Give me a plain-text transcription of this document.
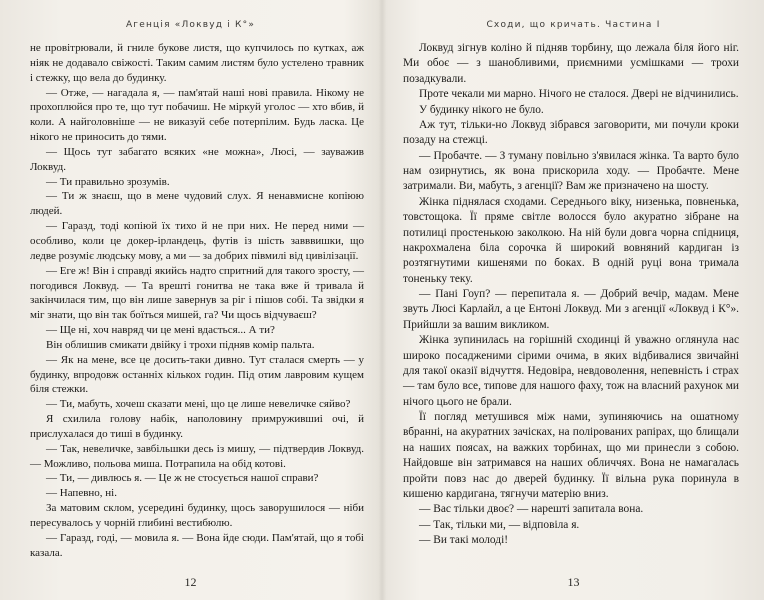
Агенція «Локвуд і К°»

не провітрювали, й гниле букове листя, що купчилось по кутках, аж ніяк не додавало свіжості. Таким самим листям було устелено травник і стежку, що вела до будинку.

— Отже, — нагадала я, — пам'ятай наші нові правила. Нікому не прохоплюйся про те, що тут побачиш. Не мiркуй уголос — хто вбив, й коли. А найголовніше — не виказуй себе потерпілим. Будь ласка. Це нікого не приносить до тями.

— Щось тут забагато всяких «не можна», Люсі, — зауважив Локвуд.

— Ти правильно зрозумів.

— Ти ж знаєш, що в мене чудовий слух. Я ненавмисне копіюю людей.

— Гаразд, тоді копіюй їх тихо й не при них. Не перед ними — особливо, коли це докер-ірландець, футів із шість завввишки, що ледве розуміє людську мову, а ми — за добрих півмилі від цивілізації.

— Еге ж! Він і справді якийсь надто спритний для такого зросту, — погодився Локвуд. — Та врешті гонитва не така вже й тривала й закінчилася тим, що він лише завернув за ріг і пішов собі. Та звідки я міг знати, що він так боїться мишей, га? Чи щось відчуваєш?

— Ще ні, хоч навряд чи це мені вдасться... А ти?

Він облишив смикати двійку і трохи підняв комір пальта.

— Як на мене, все це досить-таки дивно. Тут сталася смерть — у будинку, впродовж останніх кількох годин. Під отим лавровим кущем біля стежки.

— Ти, мабуть, хочеш сказати мені, що це лише невеличке сяйво?

Я схилила голову набік, наполовину примружившиі очі, й прислухалася до тиші в будинку.

— Так, невеличке, завбільшки десь із мишу, — підтвердив Локвуд. — Можливо, польова миша. Потрапила на обід котові.

— Ти, — дивлюсь я. — Це ж не стосується нашої справи?

— Напевно, ні.

За матовим склом, усередині будинку, щось заворушилося — ніби пересувалось у чорній глибині вестибюлю.

— Гаразд, годі, — мовила я. — Вона йде сюди. Пам'ятай, що я тобі казала.

12
Сходи, що кричать. Частина І

Локвуд зігнув коліно й підняв торбину, що лежала біля його ніг. Ми обоє — з шанобливими, приємними усмішками — трохи позадкували.

Проте чекали ми марно. Нічого не сталося. Двері не відчинились.

У будинку нікого не було.

Аж тут, тільки-но Локвуд зібрався заговорити, ми почули кроки позаду на стежці.

— Пробачте. — З туману повільно з'явилася жінка. Та варто було нам озирнутись, як вона прискорила ходу. — Пробачте. Мене затримали. Ви, мабуть, з агенції? Вам же призначено на шосту.

Жінка піднялася сходами. Середнього віку, низенька, повненька, товстощока. Її пряме світле волосся було акуратно зібране на потилиці простенькою заколкою. На ній були довга чорна спідниця, накрохмалена біла сорочка й широкий вовняний кардиган із розтягнутими кишенями по боках. В одній руці вона тримала тоненьку теку.

— Пані Гоуп? — перепитала я. — Добрий вечір, мадам. Мене звуть Люсі Карлайл, а це Ентоні Локвуд. Ми з агенції «Локвуд і К°». Прийшли за вашим викликом.

Жінка зупинилась на горішній сходинці й уважно оглянула нас широко посадженими сірими очима, в яких відбивалися звичайні для такої оказії відчуття. Недовіра, невдоволення, непевність і страх — там було все, типове для нашого фаху, тож на власний рахунок ми нічого цього не брали.

Її погляд метушився між нами, зупиняючись на ошатному вбранні, на акуратних зачісках, на полірованих рапірах, що блищали на наших поясах, на важких торбинах, що ми принесли з собою. Найдовше він затримався на наших обличчях. Вона не намагалась пройти повз нас до дверей будинку. Її вільна рука поринула в кишеню кардигана, тягнучи матерію вниз.

— Вас тільки двоє? — нарешті запитала вона.

— Так, тільки ми, — відповіла я.

— Ви такі молоді!

13
